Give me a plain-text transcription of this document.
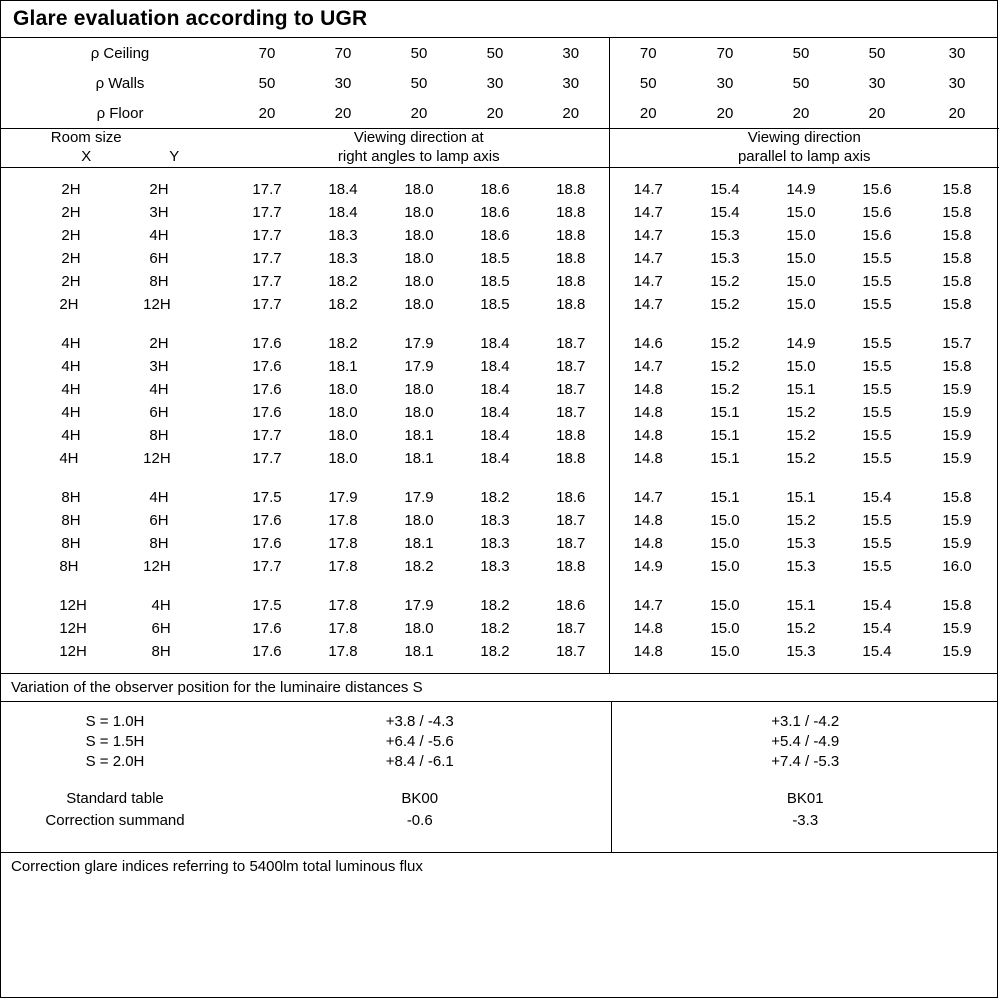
Glare evaluation according to UGR
ρ Ceiling	70	70	50	50	30	70	70	50	50	30
ρ Walls	50	30	50	30	30	50	30	50	30	30
ρ Floor	20	20	20	20	20	20	20	20	20	20

Room size
X
	Y

Viewing direction at
right angles to lamp axis

Viewing direction
parallel to lamp axis

2H 2H	17.7	18.4	18.0	18.6	18.8	14.7	15.4	14.9	15.6	15.8

2H 3H	17.7	18.4	18.0	18.6	18.8	14.7	15.4	15.0	15.6	15.8

2H 4H	17.7	18.3	18.0	18.6	18.8	14.7	15.3	15.0	15.6	15.8

2H 6H	17.7	18.3	18.0	18.5	18.8	14.7	15.3	15.0	15.5	15.8

2H 8H	17.7	18.2	18.0	18.5	18.8	14.7	15.2	15.0	15.5	15.8

2H 12H	17.7	18.2	18.0	18.5	18.8	14.7	15.2	15.0	15.5	15.8

4H 2H	17.6	18.2	17.9	18.4	18.7	14.6	15.2	14.9	15.5	15.7

4H 3H	17.6	18.1	17.9	18.4	18.7	14.7	15.2	15.0	15.5	15.8

4H 4H	17.6	18.0	18.0	18.4	18.7	14.8	15.2	15.1	15.5	15.9

4H 6H	17.6	18.0	18.0	18.4	18.7	14.8	15.1	15.2	15.5	15.9

4H 8H	17.7	18.0	18.1	18.4	18.8	14.8	15.1	15.2	15.5	15.9

4H 12H	17.7	18.0	18.1	18.4	18.8	14.8	15.1	15.2	15.5	15.9

8H 4H	17.5	17.9	17.9	18.2	18.6	14.7	15.1	15.1	15.4	15.8

8H 6H	17.6	17.8	18.0	18.3	18.7	14.8	15.0	15.2	15.5	15.9

8H 8H	17.6	17.8	18.1	18.3	18.7	14.8	15.0	15.3	15.5	15.9

8H 12H	17.7	17.8	18.2	18.3	18.8	14.9	15.0	15.3	15.5	16.0

12H 4H	17.5	17.8	17.9	18.2	18.6	14.7	15.0	15.1	15.4	15.8

12H 6H	17.6	17.8	18.0	18.2	18.7	14.8	15.0	15.2	15.4	15.9

12H 8H	17.6	17.8	18.1	18.2	18.7	14.8	15.0	15.3	15.4	15.9

Variation of the observer position for the luminaire distances S

S = 1.0H	+3.8 / -4.3	+3.1 / -4.2
S = 1.5H	+6.4 / -5.6	+5.4 / -4.9
S = 2.0H	+8.4 / -6.1	+7.4 / -5.3

Standard table	BK00	BK01
Correction summand	-0.6	-3.3

Correction glare indices referring to 5400lm total luminous flux
